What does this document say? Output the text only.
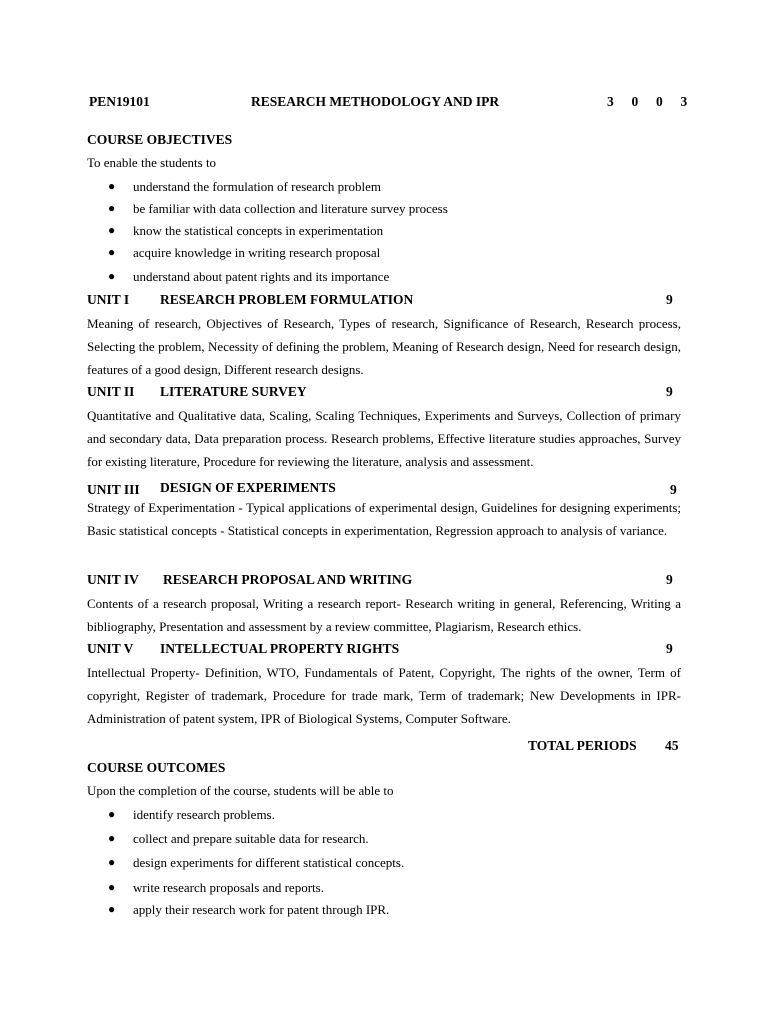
PEN19101	RESEARCH METHODOLOGY AND IPR	3 0 0 3
COURSE OBJECTIVES
To enable the students to
● understand the formulation of research problem
● be familiar with data collection and literature survey process
● know the statistical concepts in experimentation
● acquire knowledge in writing research proposal
● understand about patent rights and its importance
UNIT I RESEARCH PROBLEM FORMULATION	9
Meaning of research, Objectives of Research, Types of research, Significance of Research, Research process, Selecting the problem, Necessity of defining the problem, Meaning of Research design, Need for research design, features of a good design, Different research designs.
UNIT II LITERATURE SURVEY	9
Quantitative and Qualitative data, Scaling, Scaling Techniques, Experiments and Surveys, Collection of primary and secondary data, Data preparation process. Research problems, Effective literature studies approaches, Survey for existing literature, Procedure for reviewing the literature, analysis and assessment.
UNIT III DESIGN OF EXPERIMENTS	9
Strategy of Experimentation - Typical applications of experimental design, Guidelines for designing experiments; Basic statistical concepts - Statistical concepts in experimentation, Regression approach to analysis of variance.
UNIT IV RESEARCH PROPOSAL AND WRITING	9
Contents of a research proposal, Writing a research report- Research writing in general, Referencing, Writing a bibliography, Presentation and assessment by a review committee, Plagiarism, Research ethics.
UNIT V INTELLECTUAL PROPERTY RIGHTS	9
Intellectual Property- Definition, WTO, Fundamentals of Patent, Copyright, The rights of the owner, Term of copyright, Register of trademark, Procedure for trade mark, Term of trademark; New Developments in IPR- Administration of patent system, IPR of Biological Systems, Computer Software.
TOTAL PERIODS 45
COURSE OUTCOMES
Upon the completion of the course, students will be able to
● identify research problems.
● collect and prepare suitable data for research.
● design experiments for different statistical concepts.
● write research proposals and reports.
● apply their research work for patent through IPR.
